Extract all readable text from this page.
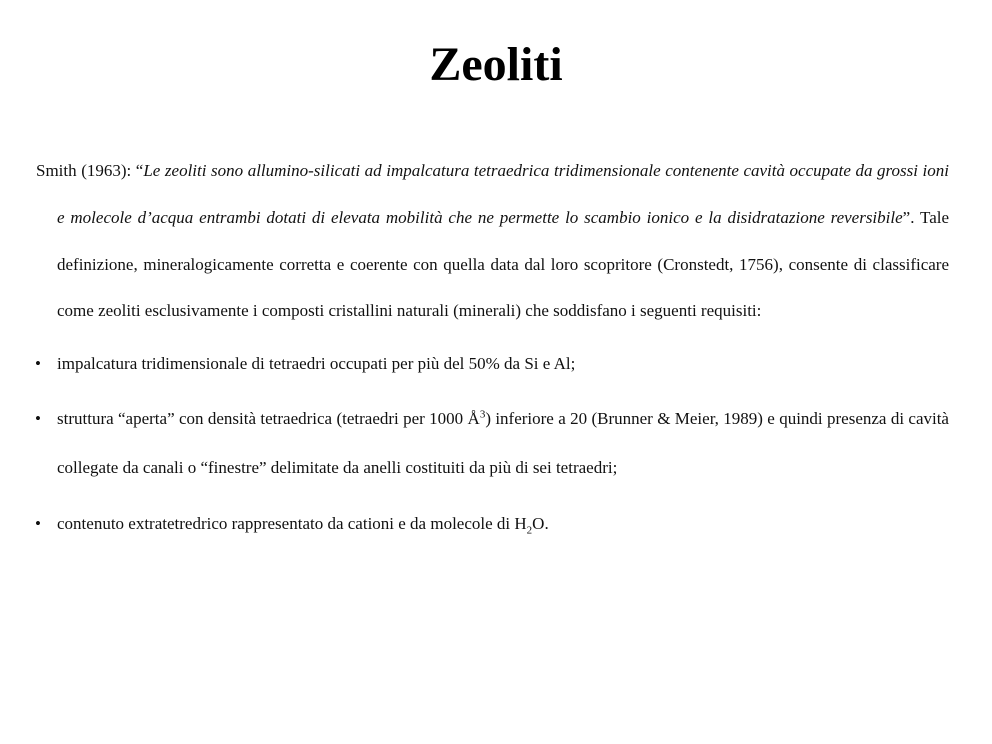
Zeoliti

Smith (1963): “Le zeoliti sono allumino-silicati ad impalcatura tetraedrica tridimensionale contenente cavità occupate da grossi ioni e molecole d’acqua entrambi dotati di elevata mobilità che ne permette lo scambio ionico e la disidratazione reversibile”. Tale definizione, mineralogicamente corretta e coerente con quella data dal loro scopritore (Cronstedt, 1756), consente di classificare come zeoliti esclusivamente i composti cristallini naturali (minerali) che soddisfano i seguenti requisiti:

• impalcatura tridimensionale di tetraedri occupati per più del 50% da Si e Al;
• struttura “aperta” con densità tetraedrica (tetraedri per 1000 $Å^3$) inferiore a 20 (Brunner & Meier, 1989) e quindi presenza di cavità collegate da canali o “finestre” delimitate da anelli costituiti da più di sei tetraedri;
• contenuto extratetredrico rappresentato da cationi e da molecole di $H_2O$.
